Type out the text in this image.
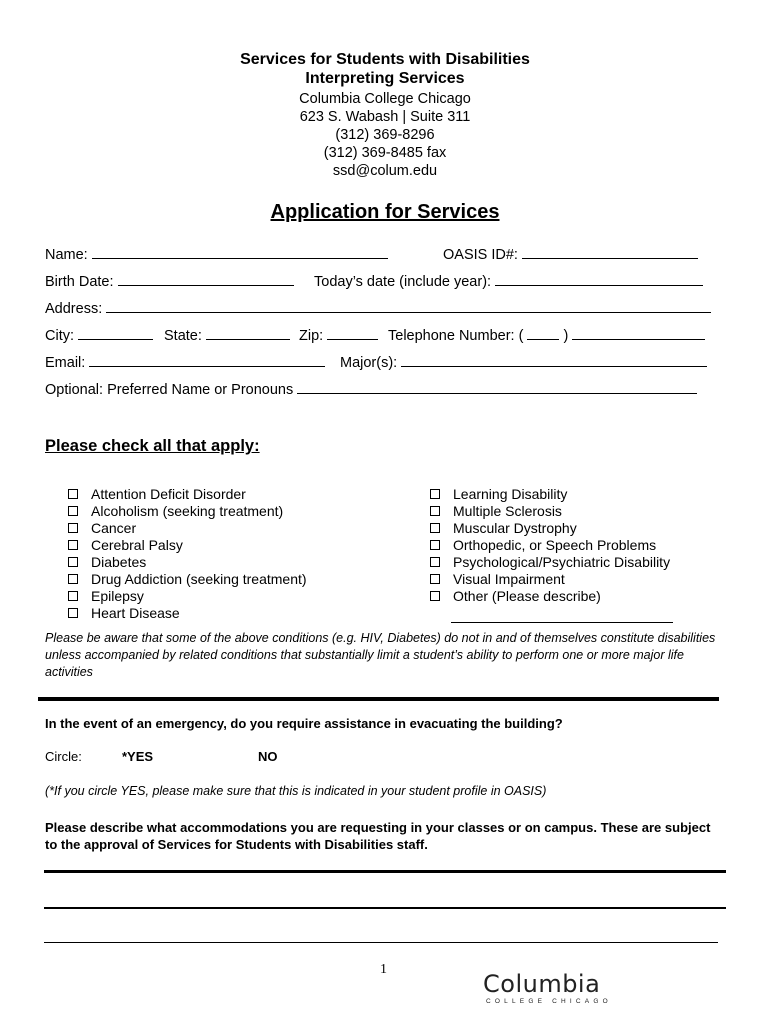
Services for Students with Disabilities
Interpreting Services
Columbia College Chicago
623 S. Wabash | Suite 311
(312) 369-8296
(312) 369-8485 fax
ssd@colum.edu
Application for Services
Name:	OASIS ID#:
Birth Date:	Today’s date (include year):
Address:
City:	State:	Zip:	Telephone Number: (	)
Email:	Major(s):
Optional: Preferred Name or Pronouns
Please check all that apply:
Attention Deficit Disorder
Alcoholism (seeking treatment)
Cancer
Cerebral Palsy
Diabetes
Drug Addiction (seeking treatment)
Epilepsy
Heart Disease
Learning Disability
Multiple Sclerosis
Muscular Dystrophy
Orthopedic, or Speech Problems
Psychological/Psychiatric Disability
Visual Impairment
Other (Please describe)
Please be aware that some of the above conditions (e.g. HIV, Diabetes) do not in and of themselves constitute disabilities unless accompanied by related conditions that substantially limit a student’s ability to perform one or more major life activities
In the event of an emergency, do you require assistance in evacuating the building?
Circle:	*YES	NO
(*If you circle YES, please make sure that this is indicated in your student profile in OASIS)
Please describe what accommodations you are requesting in your classes or on campus. These are subject to the approval of Services for Students with Disabilities staff.
1
Columbia
COLLEGE CHICAGO
